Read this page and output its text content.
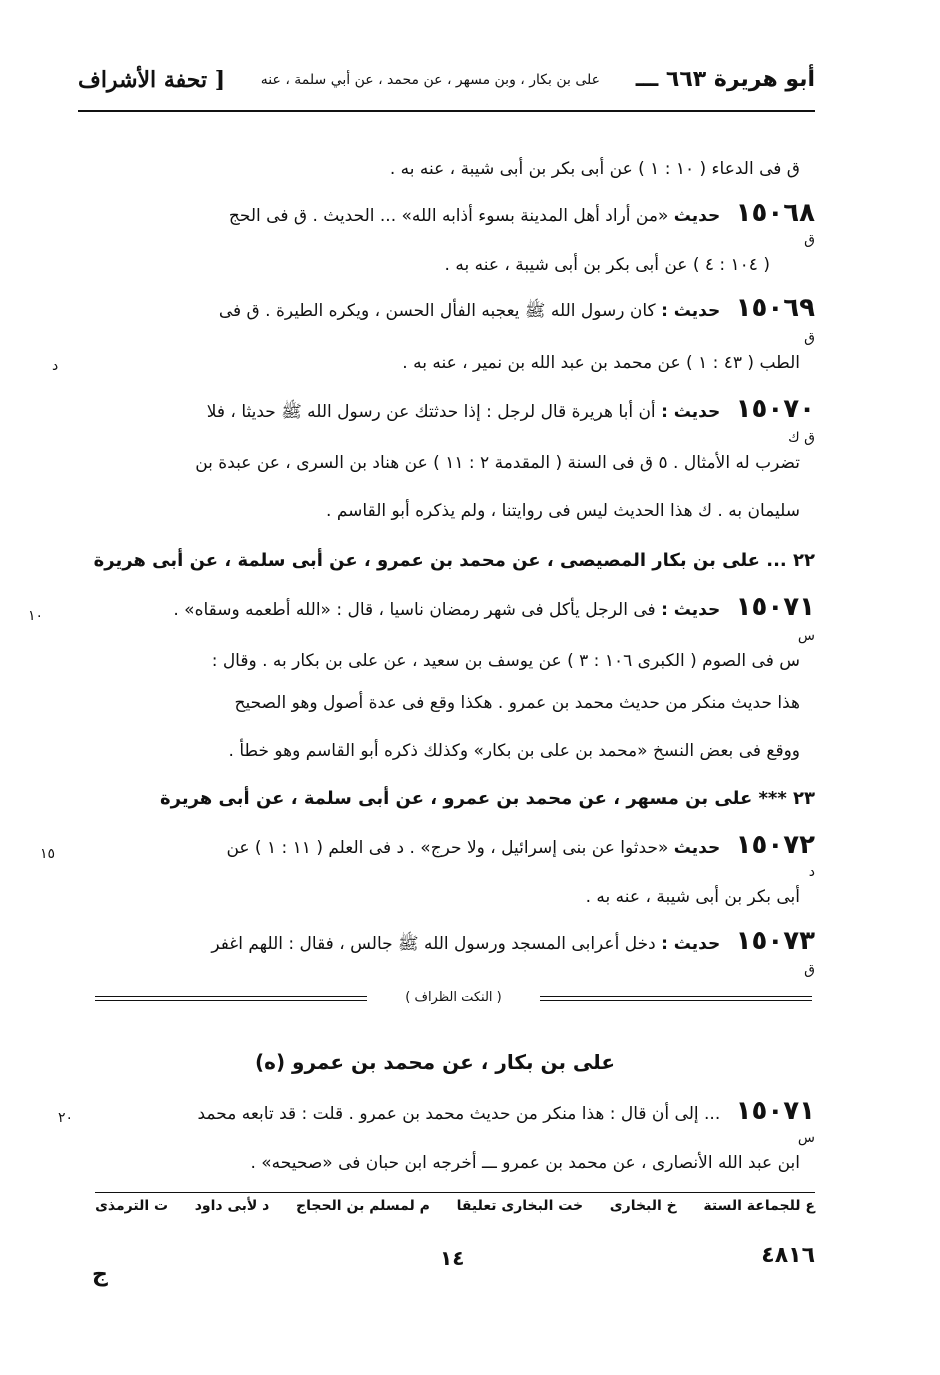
أبو هريرة ٦٦٣ ـــ
على بن بكار ، وبن مسهر ، عن محمد ، عن أبي سلمة ، عنه
[ تحفة الأشراف
ق فى الدعاء ( ١٠ : ١ ) عن أبى بكر بن أبى شيبة ، عنه به .
١٥٠٦٨ حديث «من أراد أهل المدينة بسوء أذابه الله» ... الحديث . ق فى الحج
ق
( ١٠٤ : ٤ ) عن أبى بكر بن أبى شيبة ، عنه به .
١٥٠٦٩ حديث : كان رسول الله ﷺ يعجبه الفأل الحسن ، ويكره الطيرة . ق فى
ق
الطب ( ٤٣ : ١ ) عن محمد بن عبد الله بن نمير ، عنه به .
د
١٥٠٧٠ حديث : أن أبا هريرة قال لرجل : إذا حدثتك عن رسول الله ﷺ حديثا ، فلا
ق ك
تضرب له الأمثال . ٥ ق فى السنة ( المقدمة ٢ : ١١ ) عن هناد بن السرى ، عن عبدة بن
سليمان به . ك هذا الحديث ليس فى روايتنا ، ولم يذكره أبو القاسم .
٢٢ ... على بن بكار المصيصى ، عن محمد بن عمرو ، عن أبى سلمة ، عن أبى هريرة
١٥٠٧١ حديث : فى الرجل يأكل فى شهر رمضان ناسيا ، قال : «الله أطعمه وسقاه» .
١٠
س
س فى الصوم ( الكبرى ١٠٦ : ٣ ) عن يوسف بن سعيد ، عن على بن بكار به . وقال :
هذا حديث منكر من حديث محمد بن عمرو . هكذا وقع فى عدة أصول وهو الصحيح
ووقع فى بعض النسخ «محمد بن على بن بكار» وكذلك ذكره أبو القاسم وهو خطأ .
٢٣ *** على بن مسهر ، عن محمد بن عمرو ، عن أبى سلمة ، عن أبى هريرة
١٥٠٧٢ حديث «حدثوا عن بنى إسرائيل ، ولا حرج» . د فى العلم ( ١١ : ١ ) عن
١٥
د
أبى بكر بن أبى شيبة ، عنه به .
١٥٠٧٣ حديث : دخل أعرابى المسجد ورسول الله ﷺ جالس ، فقال : اللهم اغفر
ق
( النكت الظراف )
على بن بكار ، عن محمد بن عمرو (ه)
١٥٠٧١ ... إلى أن قال : هذا منكر من حديث محمد بن عمرو . قلت : قد تابعه محمد
٢٠
س
ابن عبد الله الأنصارى ، عن محمد بن عمرو ـــ أخرجه ابن حبان فى «صحيحه» .
ع للجماعة الستة
خ البخارى
خت البخارى تعليقا
م لمسلم بن الحجاج
د لأبى داود
ت الترمذى
٤٨١٦
١٤
ج
